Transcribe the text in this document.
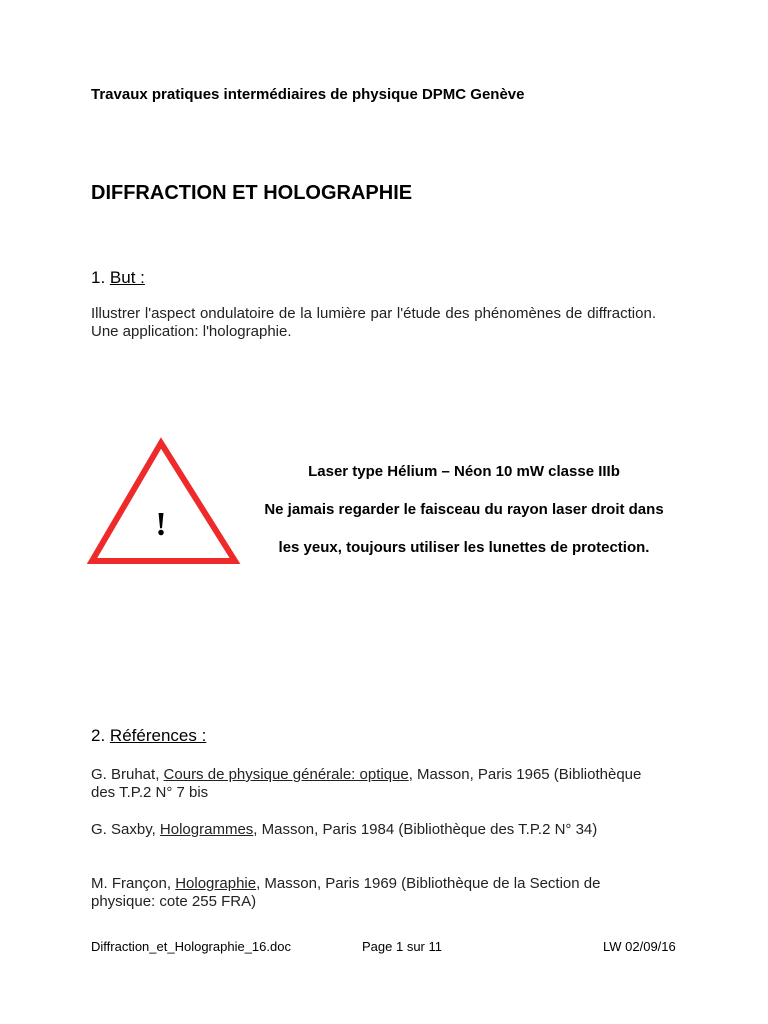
Travaux pratiques intermédiaires de physique DPMC Genève
DIFFRACTION ET HOLOGRAPHIE
1. But :
Illustrer l'aspect ondulatoire de la lumière par l'étude des phénomènes de diffraction. Une application: l'holographie.
!
Laser type Hélium – Néon 10 mW classe IIIb
Ne jamais regarder le faisceau du rayon laser droit dans
les yeux, toujours utiliser les lunettes de protection.
2. Références :
G. Bruhat, Cours de physique générale: optique, Masson, Paris 1965 (Bibliothèque des T.P.2 N° 7 bis
G. Saxby, Hologrammes, Masson, Paris 1984 (Bibliothèque des T.P.2 N° 34)
M. Françon, Holographie, Masson, Paris 1969 (Bibliothèque de la Section de physique: cote 255 FRA)
Diffraction_et_Holographie_16.doc	Page 1 sur 11	LW 02/09/16
